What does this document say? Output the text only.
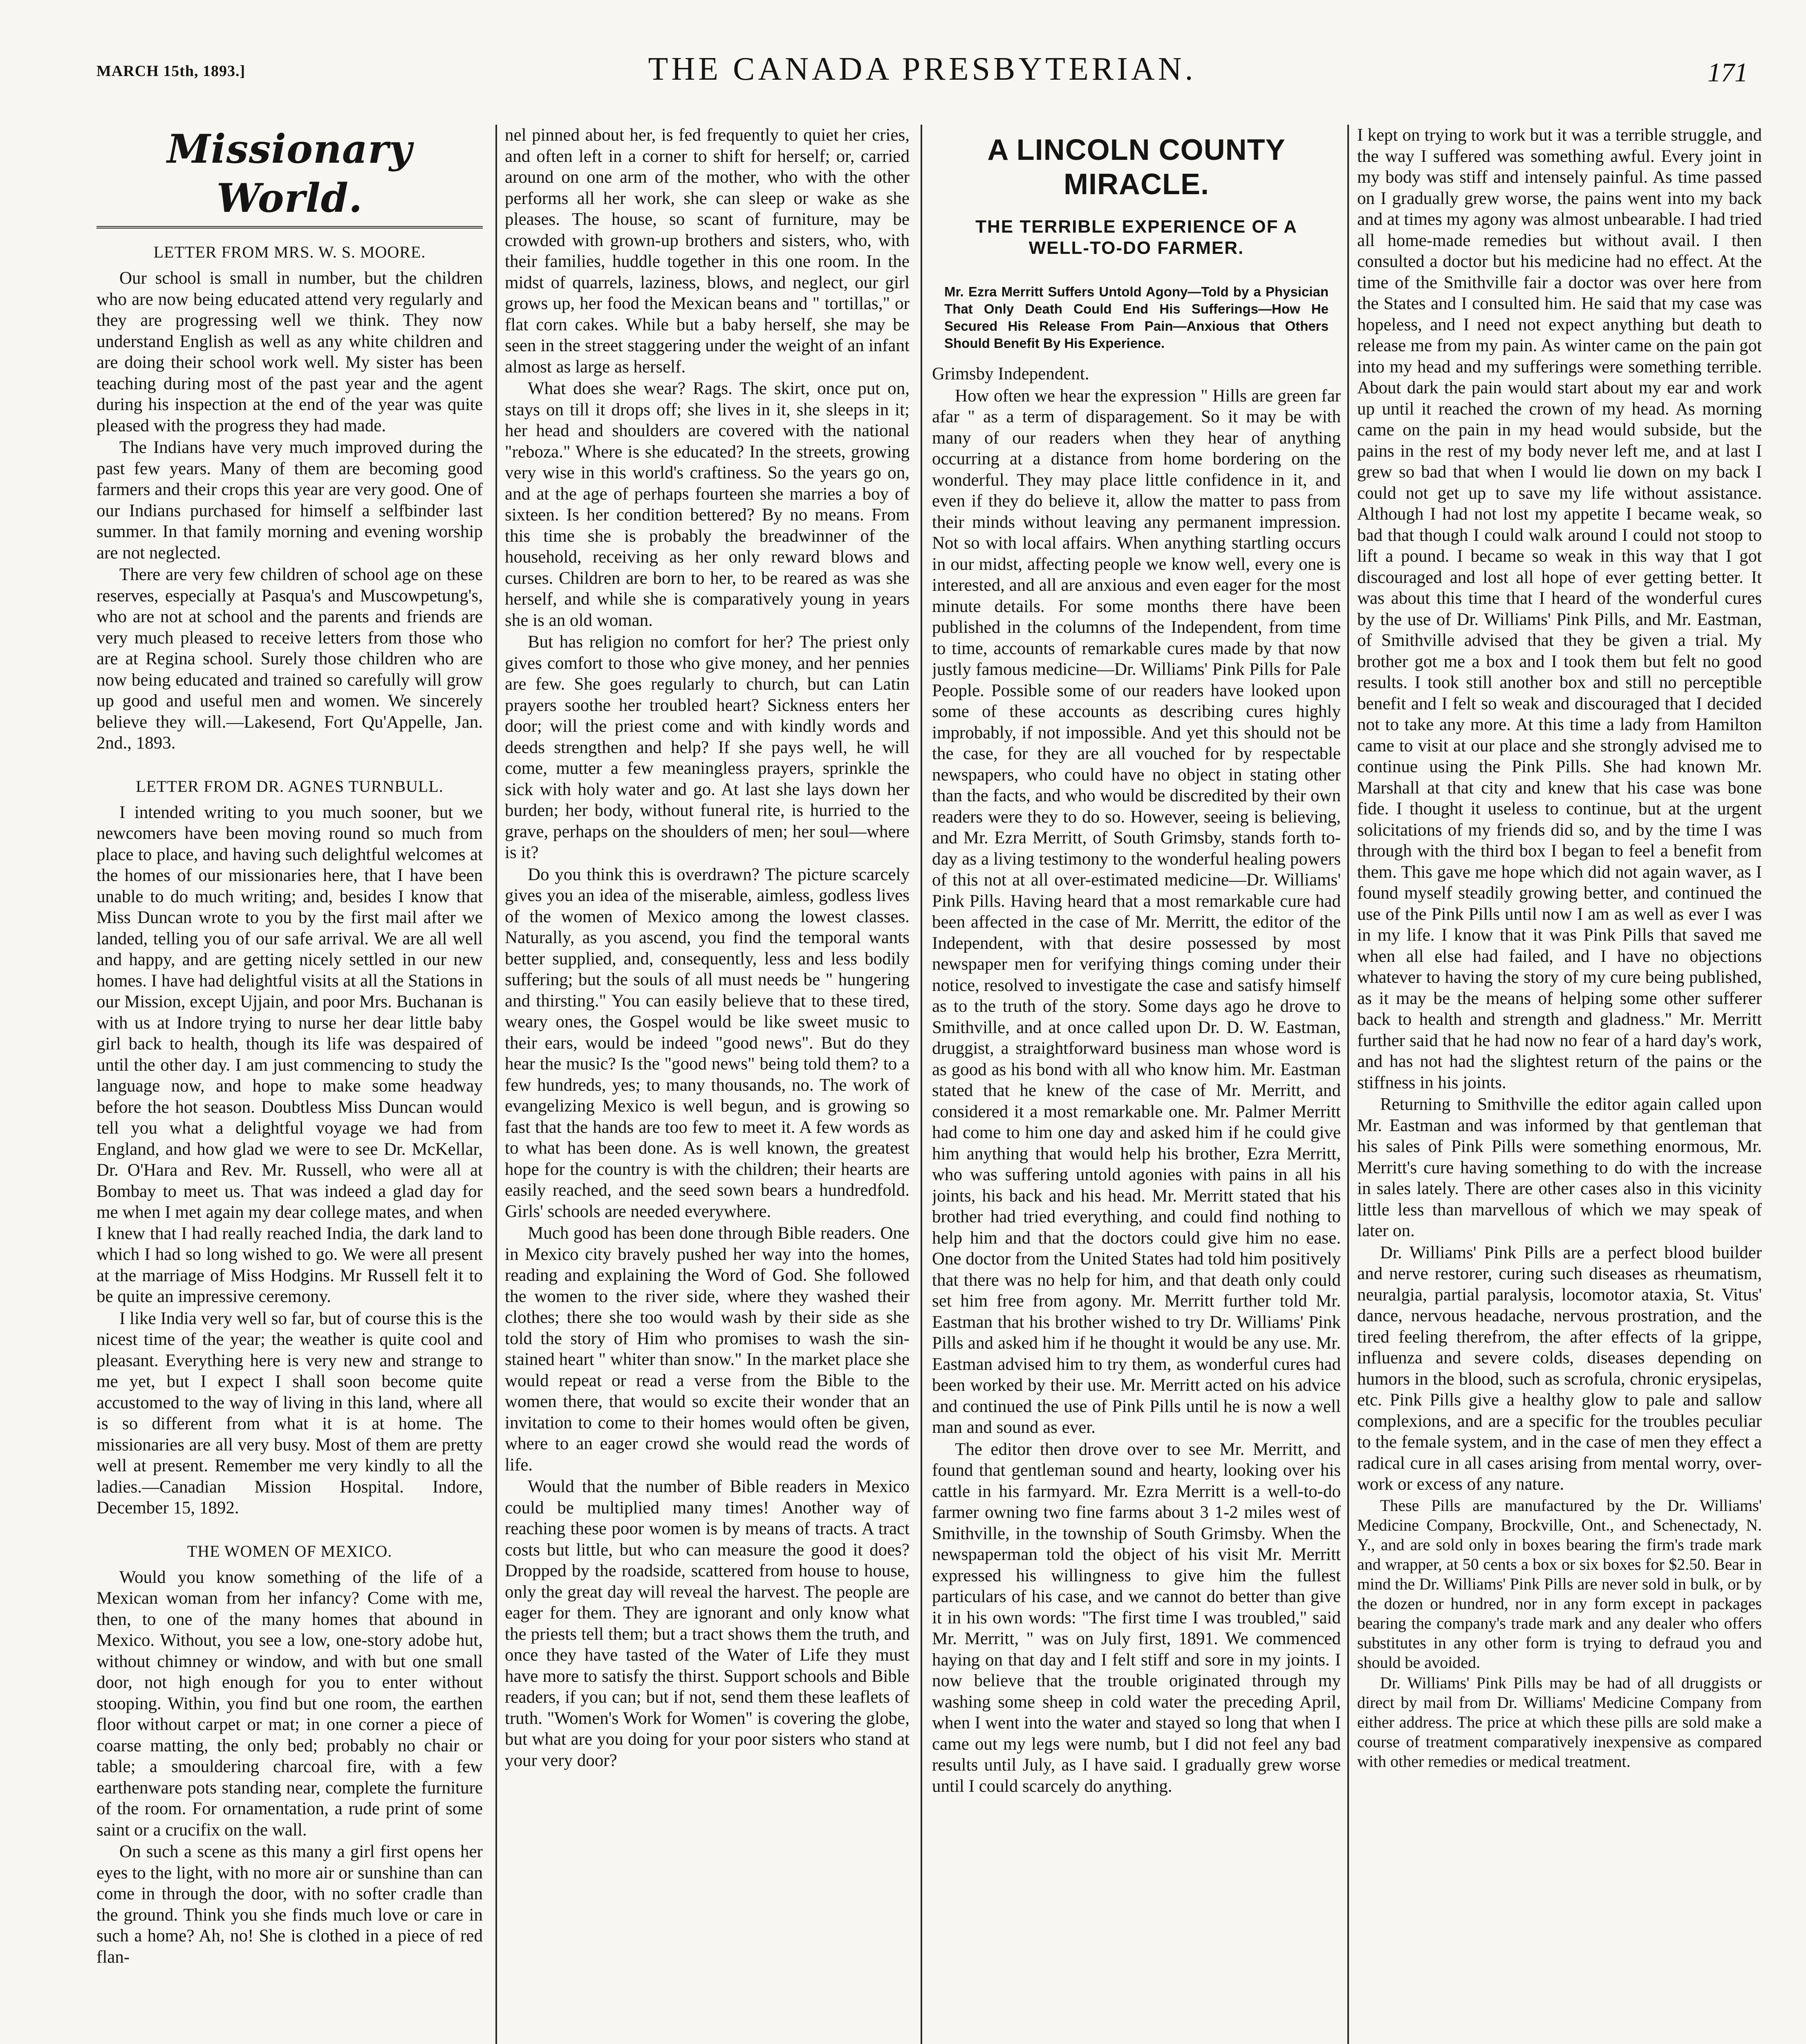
MARCH 15th, 1893.]	THE CANADA PRESBYTERIAN.	171
Missionary World.
LETTER FROM MRS. W. S. MOORE.

Our school is small in number, but the children who are now being educated attend very regularly and they are progressing well we think. They now understand English as well as any white children and are doing their school work well. My sister has been teaching during most of the past year and the agent during his inspection at the end of the year was quite pleased with the progress they had made.

The Indians have very much improved during the past few years. Many of them are becoming good farmers and their crops this year are very good. One of our Indians purchased for himself a selfbinder last summer. In that family morning and evening worship are not neglected.

There are very few children of school age on these reserves, especially at Pasqua's and Muscowpetung's, who are not at school and the parents and friends are very much pleased to receive letters from those who are at Regina school. Surely those children who are now being educated and trained so carefully will grow up good and useful men and women. We sincerely believe they will.—Lakesend, Fort Qu'Appelle, Jan. 2nd., 1893.

LETTER FROM DR. AGNES TURNBULL.

I intended writing to you much sooner, but we newcomers have been moving round so much from place to place, and having such delightful welcomes at the homes of our missionaries here, that I have been unable to do much writing; and, besides I know that Miss Duncan wrote to you by the first mail after we landed, telling you of our safe arrival. We are all well and happy, and are getting nicely settled in our new homes. I have had delightful visits at all the Stations in our Mission, except Ujjain, and poor Mrs. Buchanan is with us at Indore trying to nurse her dear little baby girl back to health, though its life was despaired of until the other day. I am just commencing to study the language now, and hope to make some headway before the hot season. Doubtless Miss Duncan would tell you what a delightful voyage we had from England, and how glad we were to see Dr. McKellar, Dr. O'Hara and Rev. Mr. Russell, who were all at Bombay to meet us. That was indeed a glad day for me when I met again my dear college mates, and when I knew that I had really reached India, the dark land to which I had so long wished to go. We were all present at the marriage of Miss Hodgins. Mr Russell felt it to be quite an impressive ceremony.

I like India very well so far, but of course this is the nicest time of the year; the weather is quite cool and pleasant. Everything here is very new and strange to me yet, but I expect I shall soon become quite accustomed to the way of living in this land, where all is so different from what it is at home. The missionaries are all very busy. Most of them are pretty well at present. Remember me very kindly to all the ladies.—Canadian Mission Hospital. Indore, December 15, 1892.

THE WOMEN OF MEXICO.

Would you know something of the life of a Mexican woman from her infancy? Come with me, then, to one of the many homes that abound in Mexico. Without, you see a low, one-story adobe hut, without chimney or window, and with but one small door, not high enough for you to enter without stooping. Within, you find but one room, the earthen floor without carpet or mat; in one corner a piece of coarse matting, the only bed; probably no chair or table; a smouldering charcoal fire, with a few earthenware pots standing near, complete the furniture of the room. For ornamentation, a rude print of some saint or a crucifix on the wall.

On such a scene as this many a girl first opens her eyes to the light, with no more air or sunshine than can come in through the door, with no softer cradle than the ground. Think you she finds much love or care in such a home? Ah, no! She is clothed in a piece of red flan-

nel pinned about her, is fed frequently to quiet her cries, and often left in a corner to shift for herself; or, carried around on one arm of the mother, who with the other performs all her work, she can sleep or wake as she pleases. The house, so scant of furniture, may be crowded with grown-up brothers and sisters, who, with their families, huddle together in this one room. In the midst of quarrels, laziness, blows, and neglect, our girl grows up, her food the Mexican beans and " tortillas," or flat corn cakes. While but a baby herself, she may be seen in the street staggering under the weight of an infant almost as large as herself.

What does she wear? Rags. The skirt, once put on, stays on till it drops off; she lives in it, she sleeps in it; her head and shoulders are covered with the national "reboza." Where is she educated? In the streets, growing very wise in this world's craftiness. So the years go on, and at the age of perhaps fourteen she marries a boy of sixteen. Is her condition bettered? By no means. From this time she is probably the breadwinner of the household, receiving as her only reward blows and curses. Children are born to her, to be reared as was she herself, and while she is comparatively young in years she is an old woman.

But has religion no comfort for her? The priest only gives comfort to those who give money, and her pennies are few. She goes regularly to church, but can Latin prayers soothe her troubled heart? Sickness enters her door; will the priest come and with kindly words and deeds strengthen and help? If she pays well, he will come, mutter a few meaningless prayers, sprinkle the sick with holy water and go. At last she lays down her burden; her body, without funeral rite, is hurried to the grave, perhaps on the shoulders of men; her soul—where is it?

Do you think this is overdrawn? The picture scarcely gives you an idea of the miserable, aimless, godless lives of the women of Mexico among the lowest classes. Naturally, as you ascend, you find the temporal wants better supplied, and, consequently, less and less bodily suffering; but the souls of all must needs be " hungering and thirsting." You can easily believe that to these tired, weary ones, the Gospel would be like sweet music to their ears, would be indeed "good news". But do they hear the music? Is the "good news" being told them? to a few hundreds, yes; to many thousands, no. The work of evangelizing Mexico is well begun, and is growing so fast that the hands are too few to meet it. A few words as to what has been done. As is well known, the greatest hope for the country is with the children; their hearts are easily reached, and the seed sown bears a hundredfold. Girls' schools are needed everywhere.

Much good has been done through Bible readers. One in Mexico city bravely pushed her way into the homes, reading and explaining the Word of God. She followed the women to the river side, where they washed their clothes; there she too would wash by their side as she told the story of Him who promises to wash the sin-stained heart " whiter than snow." In the market place she would repeat or read a verse from the Bible to the women there, that would so excite their wonder that an invitation to come to their homes would often be given, where to an eager crowd she would read the words of life.

Would that the number of Bible readers in Mexico could be multiplied many times! Another way of reaching these poor women is by means of tracts. A tract costs but little, but who can measure the good it does? Dropped by the roadside, scattered from house to house, only the great day will reveal the harvest. The people are eager for them. They are ignorant and only know what the priests tell them; but a tract shows them the truth, and once they have tasted of the Water of Life they must have more to satisfy the thirst. Support schools and Bible readers, if you can; but if not, send them these leaflets of truth. "Women's Work for Women" is covering the globe, but what are you doing for your poor sisters who stand at your very door?

A LINCOLN COUNTY MIRACLE.
THE TERRIBLE EXPERIENCE OF A WELL-TO-DO FARMER.
Mr. Ezra Merritt Suffers Untold Agony—Told by a Physician That Only Death Could End His Sufferings—How He Secured His Release From Pain—Anxious that Others Should Benefit By His Experience.

Grimsby Independent.

How often we hear the expression " Hills are green far afar " as a term of disparagement. So it may be with many of our readers when they hear of anything occurring at a distance from home bordering on the wonderful. They may place little confidence in it, and even if they do believe it, allow the matter to pass from their minds without leaving any permanent impression. Not so with local affairs. When anything startling occurs in our midst, affecting people we know well, every one is interested, and all are anxious and even eager for the most minute details. For some months there have been published in the columns of the Independent, from time to time, accounts of remarkable cures made by that now justly famous medicine—Dr. Williams' Pink Pills for Pale People. Possible some of our readers have looked upon some of these accounts as describing cures highly improbably, if not impossible. And yet this should not be the case, for they are all vouched for by respectable newspapers, who could have no object in stating other than the facts, and who would be discredited by their own readers were they to do so. However, seeing is believing, and Mr. Ezra Merritt, of South Grimsby, stands forth to-day as a living testimony to the wonderful healing powers of this not at all over-estimated medicine—Dr. Williams' Pink Pills. Having heard that a most remarkable cure had been affected in the case of Mr. Merritt, the editor of the Independent, with that desire possessed by most newspaper men for verifying things coming under their notice, resolved to investigate the case and satisfy himself as to the truth of the story. Some days ago he drove to Smithville, and at once called upon Dr. D. W. Eastman, druggist, a straightforward business man whose word is as good as his bond with all who know him. Mr. Eastman stated that he knew of the case of Mr. Merritt, and considered it a most remarkable one. Mr. Palmer Merritt had come to him one day and asked him if he could give him anything that would help his brother, Ezra Merritt, who was suffering untold agonies with pains in all his joints, his back and his head. Mr. Merritt stated that his brother had tried everything, and could find nothing to help him and that the doctors could give him no ease. One doctor from the United States had told him positively that there was no help for him, and that death only could set him free from agony. Mr. Merritt further told Mr. Eastman that his brother wished to try Dr. Williams' Pink Pills and asked him if he thought it would be any use. Mr. Eastman advised him to try them, as wonderful cures had been worked by their use. Mr. Merritt acted on his advice and continued the use of Pink Pills until he is now a well man and sound as ever.

The editor then drove over to see Mr. Merritt, and found that gentleman sound and hearty, looking over his cattle in his farmyard. Mr. Ezra Merritt is a well-to-do farmer owning two fine farms about 3 1-2 miles west of Smithville, in the township of South Grimsby. When the newspaperman told the object of his visit Mr. Merritt expressed his willingness to give him the fullest particulars of his case, and we cannot do better than give it in his own words: "The first time I was troubled," said Mr. Merritt, " was on July first, 1891. We commenced haying on that day and I felt stiff and sore in my joints. I now believe that the trouble originated through my washing some sheep in cold water the preceding April, when I went into the water and stayed so long that when I came out my legs were numb, but I did not feel any bad results until July, as I have said. I gradually grew worse until I could scarcely do anything.

I kept on trying to work but it was a terrible struggle, and the way I suffered was something awful. Every joint in my body was stiff and intensely painful. As time passed on I gradually grew worse, the pains went into my back and at times my agony was almost unbearable. I had tried all home-made remedies but without avail. I then consulted a doctor but his medicine had no effect. At the time of the Smithville fair a doctor was over here from the States and I consulted him. He said that my case was hopeless, and I need not expect anything but death to release me from my pain. As winter came on the pain got into my head and my sufferings were something terrible. About dark the pain would start about my ear and work up until it reached the crown of my head. As morning came on the pain in my head would subside, but the pains in the rest of my body never left me, and at last I grew so bad that when I would lie down on my back I could not get up to save my life without assistance. Although I had not lost my appetite I became weak, so bad that though I could walk around I could not stoop to lift a pound. I became so weak in this way that I got discouraged and lost all hope of ever getting better. It was about this time that I heard of the wonderful cures by the use of Dr. Williams' Pink Pills, and Mr. Eastman, of Smithville advised that they be given a trial. My brother got me a box and I took them but felt no good results. I took still another box and still no perceptible benefit and I felt so weak and discouraged that I decided not to take any more. At this time a lady from Hamilton came to visit at our place and she strongly advised me to continue using the Pink Pills. She had known Mr. Marshall at that city and knew that his case was bone fide. I thought it useless to continue, but at the urgent solicitations of my friends did so, and by the time I was through with the third box I began to feel a benefit from them. This gave me hope which did not again waver, as I found myself steadily growing better, and continued the use of the Pink Pills until now I am as well as ever I was in my life. I know that it was Pink Pills that saved me when all else had failed, and I have no objections whatever to having the story of my cure being published, as it may be the means of helping some other sufferer back to health and strength and gladness." Mr. Merritt further said that he had now no fear of a hard day's work, and has not had the slightest return of the pains or the stiffness in his joints.

Returning to Smithville the editor again called upon Mr. Eastman and was informed by that gentleman that his sales of Pink Pills were something enormous, Mr. Merritt's cure having something to do with the increase in sales lately. There are other cases also in this vicinity little less than marvellous of which we may speak of later on.

Dr. Williams' Pink Pills are a perfect blood builder and nerve restorer, curing such diseases as rheumatism, neuralgia, partial paralysis, locomotor ataxia, St. Vitus' dance, nervous headache, nervous prostration, and the tired feeling therefrom, the after effects of la grippe, influenza and severe colds, diseases depending on humors in the blood, such as scrofula, chronic erysipelas, etc. Pink Pills give a healthy glow to pale and sallow complexions, and are a specific for the troubles peculiar to the female system, and in the case of men they effect a radical cure in all cases arising from mental worry, over-work or excess of any nature.

These Pills are manufactured by the Dr. Williams' Medicine Company, Brockville, Ont., and Schenectady, N. Y., and are sold only in boxes bearing the firm's trade mark and wrapper, at 50 cents a box or six boxes for $2.50. Bear in mind the Dr. Williams' Pink Pills are never sold in bulk, or by the dozen or hundred, nor in any form except in packages bearing the company's trade mark and any dealer who offers substitutes in any other form is trying to defraud you and should be avoided.

Dr. Williams' Pink Pills may be had of all druggists or direct by mail from Dr. Williams' Medicine Company from either address. The price at which these pills are sold make a course of treatment comparatively inexpensive as compared with other remedies or medical treatment.
